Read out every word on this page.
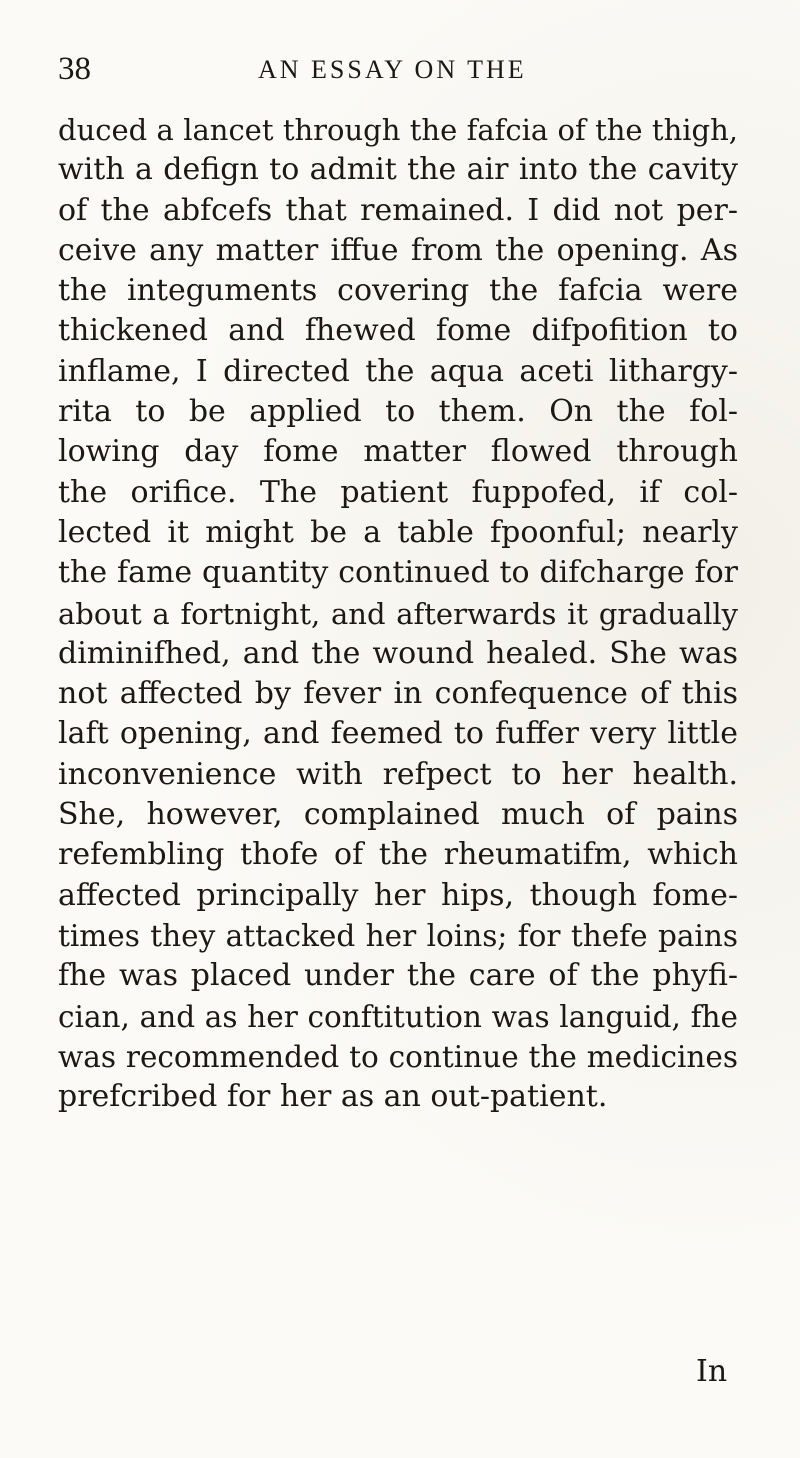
38	AN ESSAY ON THE
duced a lancet through the fafcia of the thigh,
with a defign to admit the air into the cavity
of the abfcefs that remained. I did not per-
ceive any matter iffue from the opening. As
the integuments covering the fafcia were
thickened and fhewed fome difpofition to
inflame, I directed the aqua aceti lithargy-
rita to be applied to them. On the fol-
lowing day fome matter flowed through
the orifice. The patient fuppofed, if col-
lected it might be a table fpoonful; nearly
the fame quantity continued to difcharge for
about a fortnight, and afterwards it gradually
diminifhed, and the wound healed. She was
not affected by fever in confequence of this
laft opening, and feemed to fuffer very little
inconvenience with refpect to her health.
She, however, complained much of pains
refembling thofe of the rheumatifm, which
affected principally her hips, though fome-
times they attacked her loins; for thefe pains
fhe was placed under the care of the phyfi-
cian, and as her conftitution was languid, fhe
was recommended to continue the medicines
prefcribed for her as an out-patient.
In
